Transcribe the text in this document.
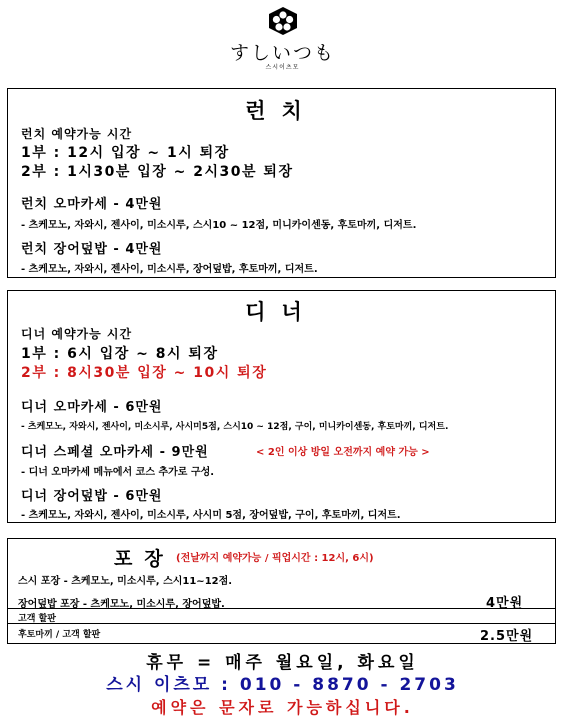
すしいつも
스시이츠모
런치
런치 예약가능 시간
1부 : 12시 입장 ~ 1시 퇴장
2부 : 1시30분 입장 ~ 2시30분 퇴장
런치 오마카세 - 4만원
- 츠케모노, 자와시, 젠사이, 미소시루, 스시10 ~ 12점, 미니카이센동, 후토마끼, 디저트.
런치 장어덮밥 - 4만원
- 츠케모노, 자와시, 젠사이, 미소시루, 장어덮밥, 후토마끼, 디저트.
디너
디너 예약가능 시간
1부 : 6시 입장 ~ 8시 퇴장
2부 : 8시30분 입장 ~ 10시 퇴장
디너 오마카세 - 6만원
- 츠케모노, 자와시, 젠사이, 미소시루, 사시미5점, 스시10 ~ 12점, 구이, 미니카이센동, 후토마끼, 디저트.
디너 스페셜 오마카세 - 9만원	< 2인 이상 방일 오전까지 예약 가능 >
- 디너 오마카세 메뉴에서 코스 추가로 구성.
디너 장어덮밥 - 6만원
- 츠케모노, 자와시, 젠사이, 미소시루, 사시미 5점, 장어덮밥, 구이, 후토마끼, 디저트.
포장 (전날까지 예약가능 / 픽업시간 : 12시, 6시)
스시 포장 - 츠케모노, 미소시루, 스시11~12점.
장어덮밥 포장 - 츠케모노, 미소시루, 장어덮밥.	4만원
고객 할판
후토마끼 / 고객 할판	2.5만원
휴무 = 매주 월요일, 화요일
스시 이츠모 : 010 - 8870 - 2703
예약은 문자로 가능하십니다.
